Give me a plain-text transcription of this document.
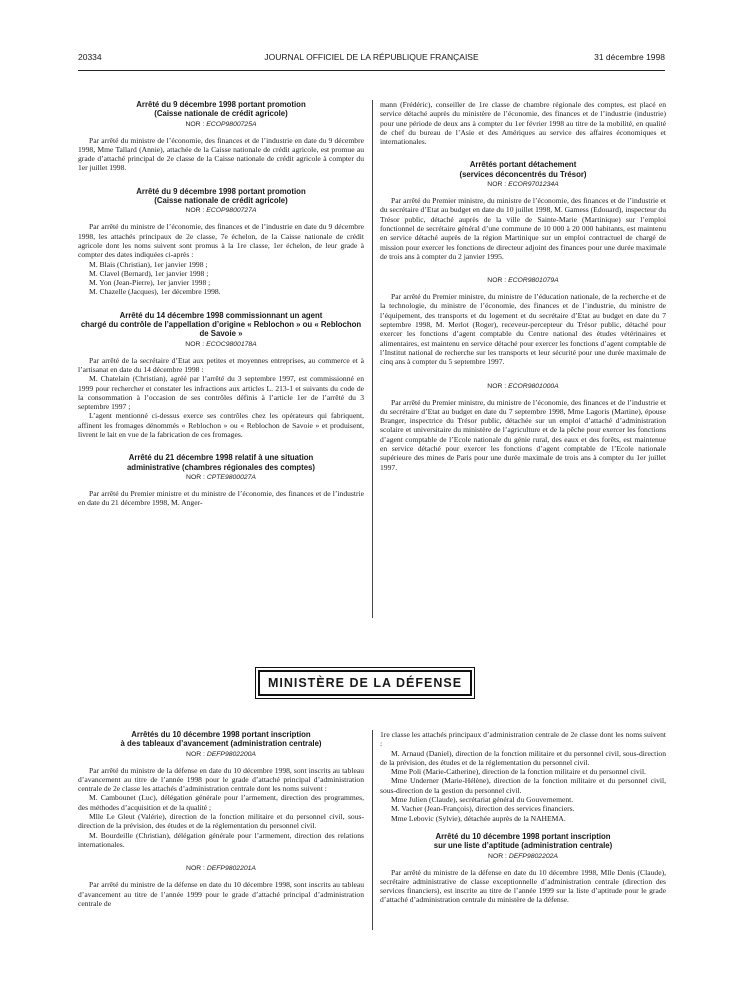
20334	JOURNAL OFFICIEL DE LA RÉPUBLIQUE FRANÇAISE	31 décembre 1998
Arrêté du 9 décembre 1998 portant promotion
(Caisse nationale de crédit agricole)
NOR : ECOP9800725A

Par arrêté du ministre de l’économie, des finances et de l’industrie en date du 9 décembre 1998, Mme Tallard (Annie), attachée de la Caisse nationale de crédit agricole, est promue au grade d’attaché principal de 2e classe de la Caisse nationale de crédit agricole à compter du 1er juillet 1998.

Arrêté du 9 décembre 1998 portant promotion
(Caisse nationale de crédit agricole)
NOR : ECOP9800727A

Par arrêté du ministre de l’économie, des finances et de l’industrie en date du 9 décembre 1998, les attachés principaux de 2e classe, 7e échelon, de la Caisse nationale de crédit agricole dont les noms suivent sont promus à la 1re classe, 1er échelon, de leur grade à compter des dates indiquées ci-après :

M. Blais (Christian), 1er janvier 1998 ;

M. Clavel (Bernard), 1er janvier 1998 ;

M. Yon (Jean-Pierre), 1er janvier 1998 ;

M. Chazelle (Jacques), 1er décembre 1998.

Arrêté du 14 décembre 1998 commissionnant un agent
chargé du contrôle de l’appellation d’origine « Reblochon » ou « Reblochon de Savoie »
NOR : ECOC9800178A

Par arrêté de la secrétaire d’Etat aux petites et moyennes entreprises, au commerce et à l’artisanat en date du 14 décembre 1998 :

M. Chatelain (Christian), agréé par l’arrêté du 3 septembre 1997, est commissionné en 1999 pour rechercher et constater les infractions aux articles L. 213-1 et suivants du code de la consommation à l’occasion de ses contrôles définis à l’article 1er de l’arrêté du 3 septembre 1997 ;

L’agent mentionné ci-dessus exerce ses contrôles chez les opérateurs qui fabriquent, affinent les fromages dénommés « Reblochon » ou « Reblochon de Savoie » et produisent, livrent le lait en vue de la fabrication de ces fromages.

Arrêté du 21 décembre 1998 relatif à une situation
administrative (chambres régionales des comptes)
NOR : CPTE9800027A

Par arrêté du Premier ministre et du ministre de l’économie, des finances et de l’industrie en date du 21 décembre 1998, M. Anger-

mann (Frédéric), conseiller de 1re classe de chambre régionale des comptes, est placé en service détaché auprès du ministère de l’économie, des finances et de l’industrie (industrie) pour une période de deux ans à compter du 1er février 1998 au titre de la mobilité, en qualité de chef du bureau de l’Asie et des Amériques au service des affaires économiques et internationales.

Arrêtés portant détachement
(services déconcentrés du Trésor)
NOR : ECOR9701234A

Par arrêté du Premier ministre, du ministre de l’économie, des finances et de l’industrie et du secrétaire d’Etat au budget en date du 10 juillet 1998, M. Gamess (Edouard), inspecteur du Trésor public, détaché auprès de la ville de Sainte-Marie (Martinique) sur l’emploi fonctionnel de secrétaire général d’une commune de 10 000 à 20 000 habitants, est maintenu en service détaché auprès de la région Martinique sur un emploi contractuel de chargé de mission pour exercer les fonctions de directeur adjoint des finances pour une durée maximale de trois ans à compter du 2 janvier 1995.

NOR : ECOR9801079A

Par arrêté du Premier ministre, du ministre de l’éducation nationale, de la recherche et de la technologie, du ministre de l’économie, des finances et de l’industrie, du ministre de l’équipement, des transports et du logement et du secrétaire d’Etat au budget en date du 7 septembre 1998, M. Merlot (Roger), receveur-percepteur du Trésor public, détaché pour exercer les fonctions d’agent comptable du Centre national des études vétérinaires et alimentaires, est maintenu en service détaché pour exercer les fonctions d’agent comptable de l’Institut national de recherche sur les transports et leur sécurité pour une durée maximale de cinq ans à compter du 5 septembre 1997.

NOR : ECOR9801000A

Par arrêté du Premier ministre, du ministre de l’économie, des finances et de l’industrie et du secrétaire d’Etat au budget en date du 7 septembre 1998, Mme Lagoris (Martine), épouse Branger, inspectrice du Trésor public, détachée sur un emploi d’attaché d’administration scolaire et universitaire du ministère de l’agriculture et de la pêche pour exercer les fonctions d’agent comptable de l’Ecole nationale du génie rural, des eaux et des forêts, est maintenue en service détaché pour exercer les fonctions d’agent comptable de l’Ecole nationale supérieure des mines de Paris pour une durée maximale de trois ans à compter du 1er juillet 1997.

MINISTÈRE DE LA DÉFENSE
Arrêtés du 10 décembre 1998 portant inscription
à des tableaux d’avancement (administration centrale)
NOR : DEFP9802200A

Par arrêté du ministre de la défense en date du 10 décembre 1998, sont inscrits au tableau d’avancement au titre de l’année 1998 pour le grade d’attaché principal d’administration centrale de 2e classe les attachés d’administration centrale dont les noms suivent :

M. Cambounet (Luc), délégation générale pour l’armement, direction des programmes, des méthodes d’acquisition et de la qualité ;

Mlle Le Gleut (Valérie), direction de la fonction militaire et du personnel civil, sous-direction de la prévision, des études et de la réglementation du personnel civil.

M. Bourdeille (Christian), délégation générale pour l’armement, direction des relations internationales.

NOR : DEFP9802201A

Par arrêté du ministre de la défense en date du 10 décembre 1998, sont inscrits au tableau d’avancement au titre de l’année 1999 pour le grade d’attaché principal d’administration centrale de

1re classe les attachés principaux d’administration centrale de 2e classe dont les noms suivent :

M. Arnaud (Daniel), direction de la fonction militaire et du personnel civil, sous-direction de la prévision, des études et de la réglementation du personnel civil.

Mme Poli (Marie-Catherine), direction de la fonction militaire et du personnel civil.

Mme Underner (Marie-Hélène), direction de la fonction militaire et du personnel civil, sous-direction de la gestion du personnel civil.

Mme Julien (Claude), secrétariat général du Gouvernement.

M. Vacher (Jean-François), direction des services financiers.

Mme Lebovic (Sylvie), détachée auprès de la NAHEMA.

Arrêté du 10 décembre 1998 portant inscription
sur une liste d’aptitude (administration centrale)
NOR : DEFP9802202A

Par arrêté du ministre de la défense en date du 10 décembre 1998, Mlle Denis (Claude), secrétaire administrative de classe exceptionnelle d’administration centrale (direction des services financiers), est inscrite au titre de l’année 1999 sur la liste d’aptitude pour le grade d’attaché d’administration centrale du ministère de la défense.
